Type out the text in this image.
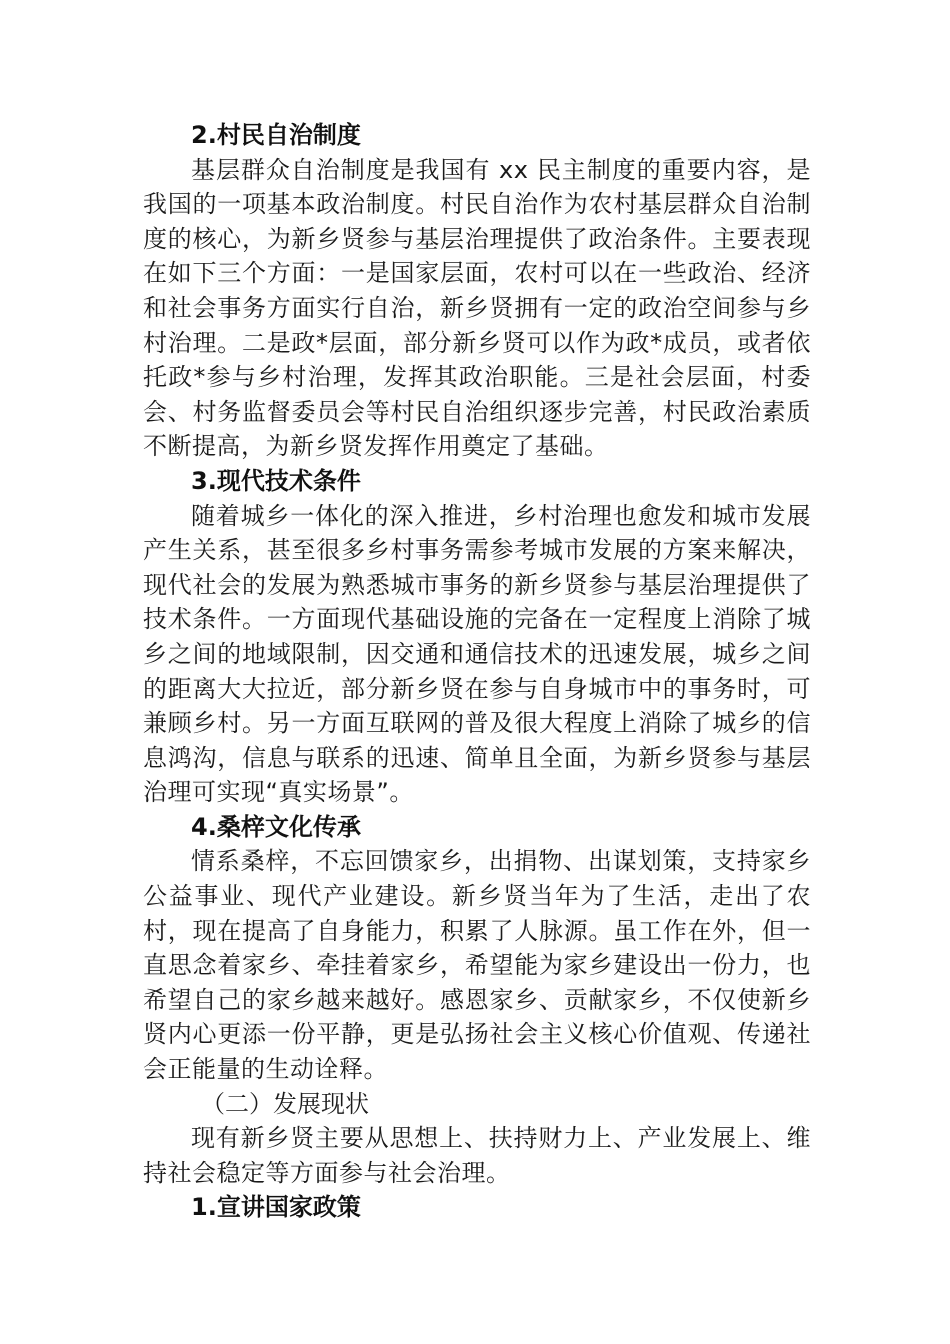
2.村民自治制度

基层群众自治制度是我国有 xx 民主制度的重要内容，是我国的一项基本政治制度。村民自治作为农村基层群众自治制度的核心，为新乡贤参与基层治理提供了政治条件。主要表现在如下三个方面：一是国家层面，农村可以在一些政治、经济和社会事务方面实行自治，新乡贤拥有一定的政治空间参与乡村治理。二是政*层面，部分新乡贤可以作为政*成员，或者依托政*参与乡村治理，发挥其政治职能。三是社会层面，村委会、村务监督委员会等村民自治组织逐步完善，村民政治素质不断提高，为新乡贤发挥作用奠定了基础。

3.现代技术条件

随着城乡一体化的深入推进，乡村治理也愈发和城市发展产生关系，甚至很多乡村事务需参考城市发展的方案来解决，现代社会的发展为熟悉城市事务的新乡贤参与基层治理提供了技术条件。一方面现代基础设施的完备在一定程度上消除了城乡之间的地域限制，因交通和通信技术的迅速发展，城乡之间的距离大大拉近，部分新乡贤在参与自身城市中的事务时，可兼顾乡村。另一方面互联网的普及很大程度上消除了城乡的信息鸿沟，信息与联系的迅速、简单且全面，为新乡贤参与基层治理可实现“真实场景”。

4.桑梓文化传承

情系桑梓，不忘回馈家乡，出捐物、出谋划策，支持家乡公益事业、现代产业建设。新乡贤当年为了生活，走出了农村，现在提高了自身能力，积累了人脉源。虽工作在外，但一直思念着家乡、牵挂着家乡，希望能为家乡建设出一份力，也希望自己的家乡越来越好。感恩家乡、贡献家乡，不仅使新乡贤内心更添一份平静，更是弘扬社会主义核心价值观、传递社会正能量的生动诠释。

（二）发展现状

现有新乡贤主要从思想上、扶持财力上、产业发展上、维持社会稳定等方面参与社会治理。

1.宣讲国家政策
